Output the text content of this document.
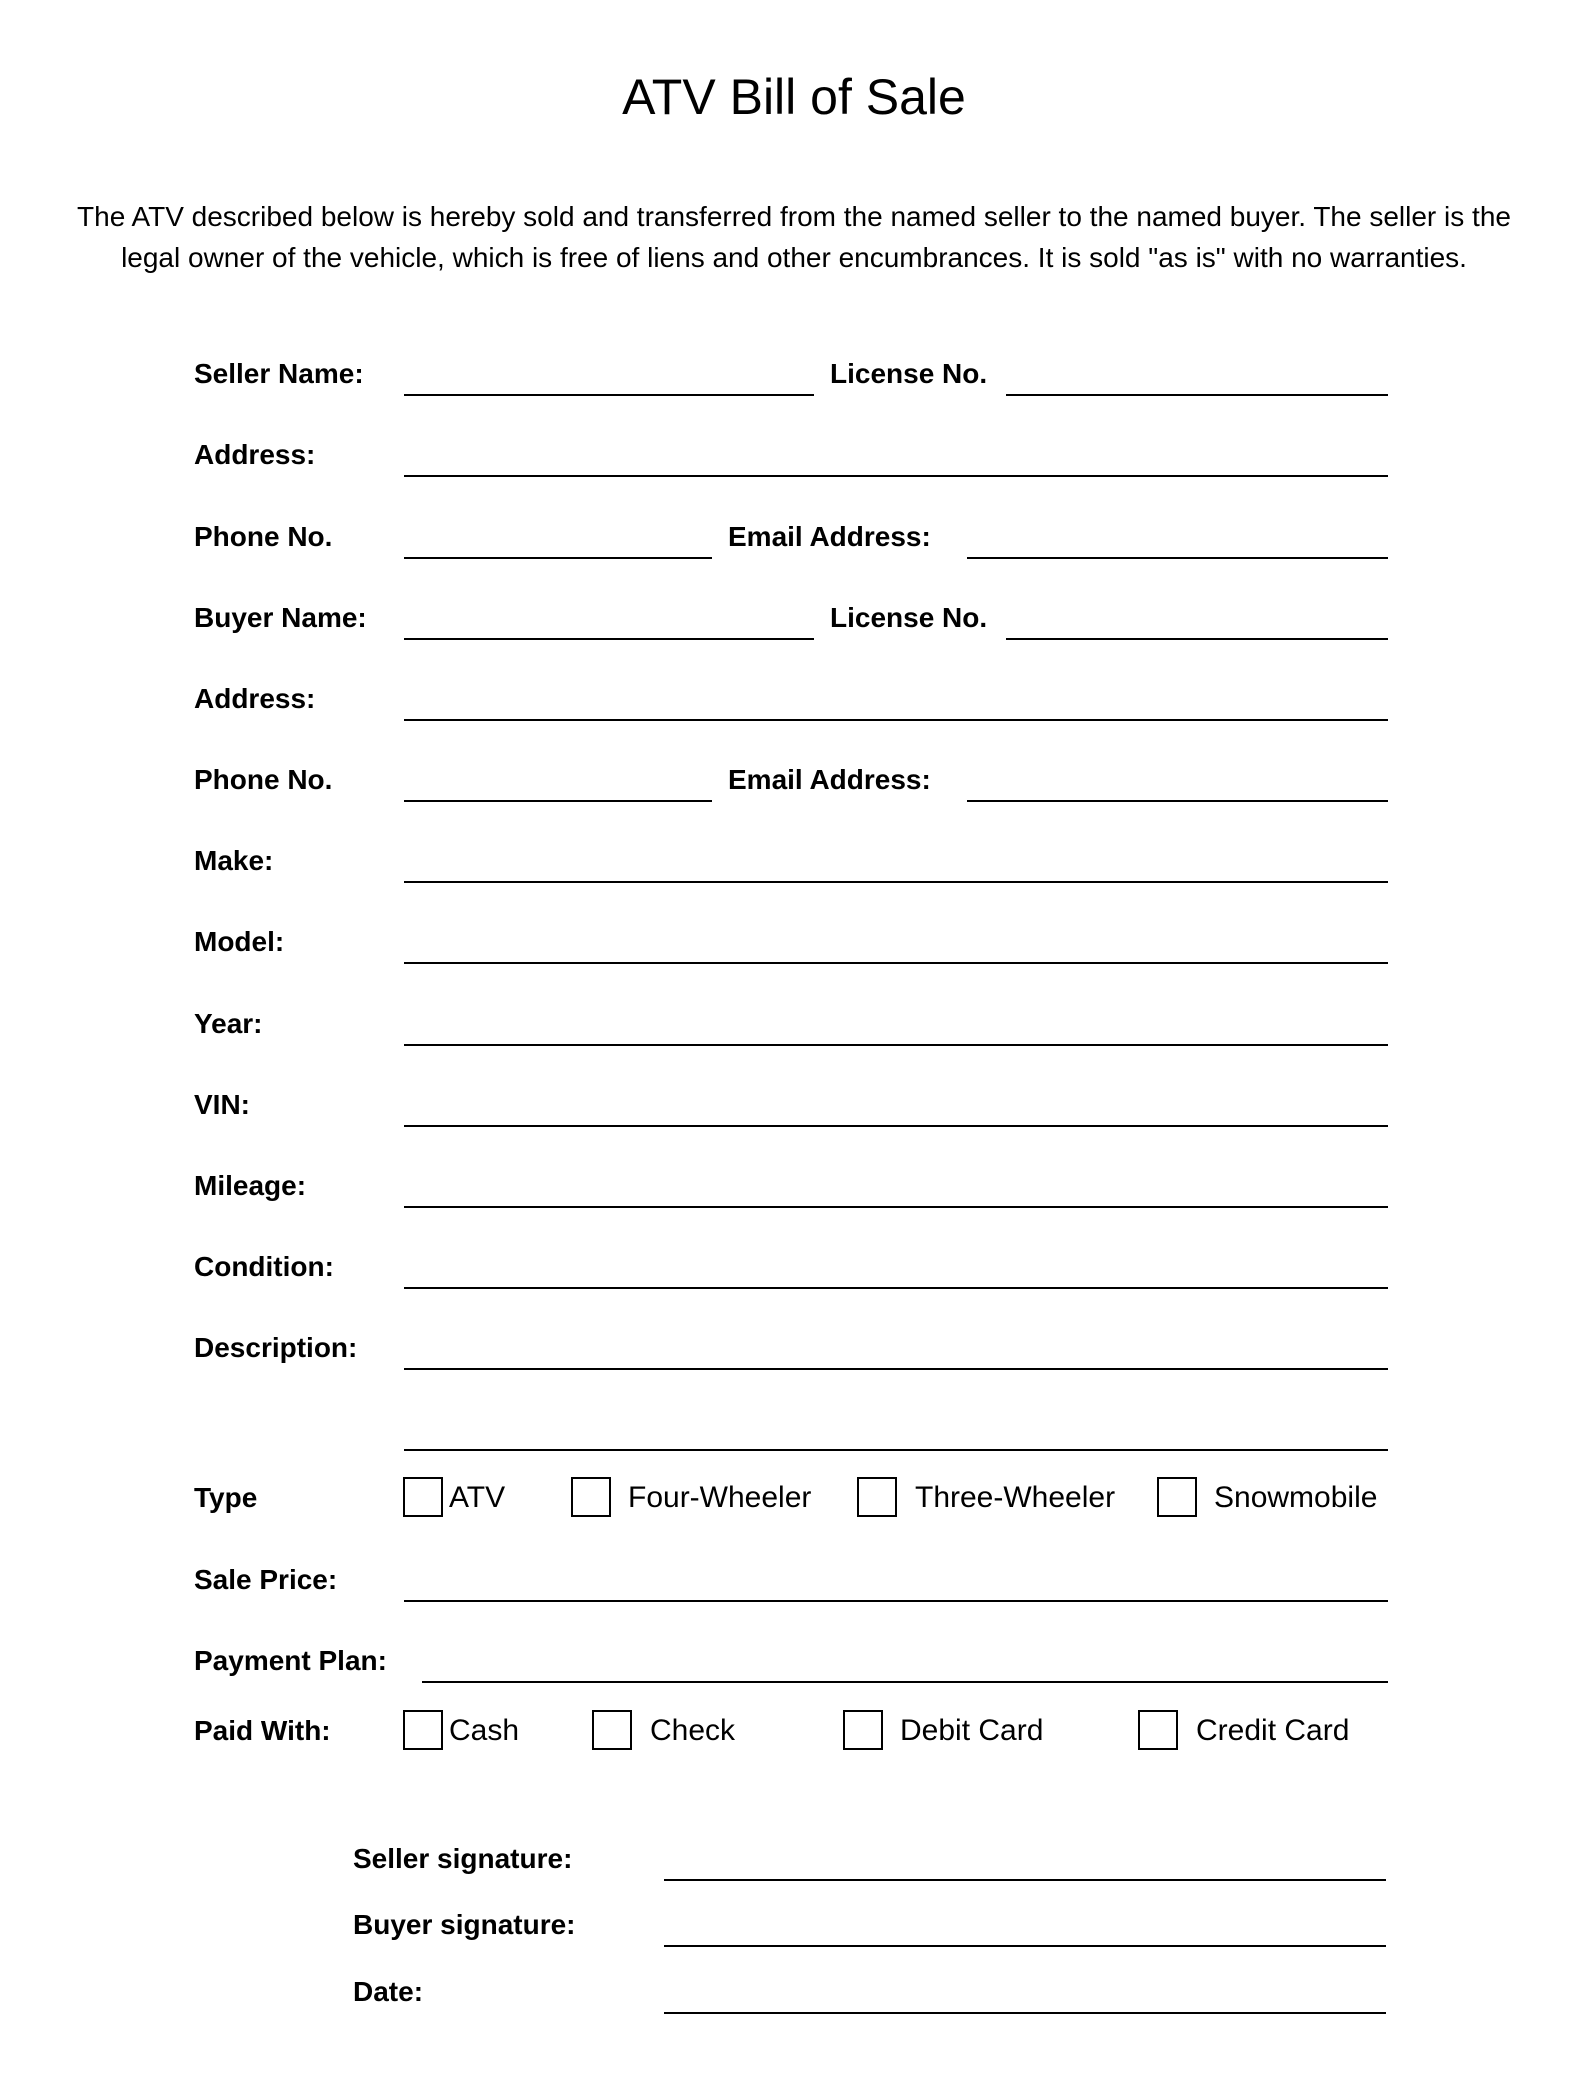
ATV Bill of Sale
The ATV described below is hereby sold and transferred from the named seller to the named buyer. The seller is the legal owner of the vehicle, which is free of liens and other encumbrances. It is sold "as is" with no warranties.
Seller Name:	License No.
Address:
Phone No.	Email Address:
Buyer Name:	License No.
Address:
Phone No.	Email Address:
Make:
Model:
Year:
VIN:
Mileage:
Condition:
Description:
Type	ATV	Four-Wheeler	Three-Wheeler	Snowmobile
Sale Price:
Payment Plan:
Paid With:	Cash	Check	Debit Card	Credit Card
Seller signature:
Buyer signature:
Date:
